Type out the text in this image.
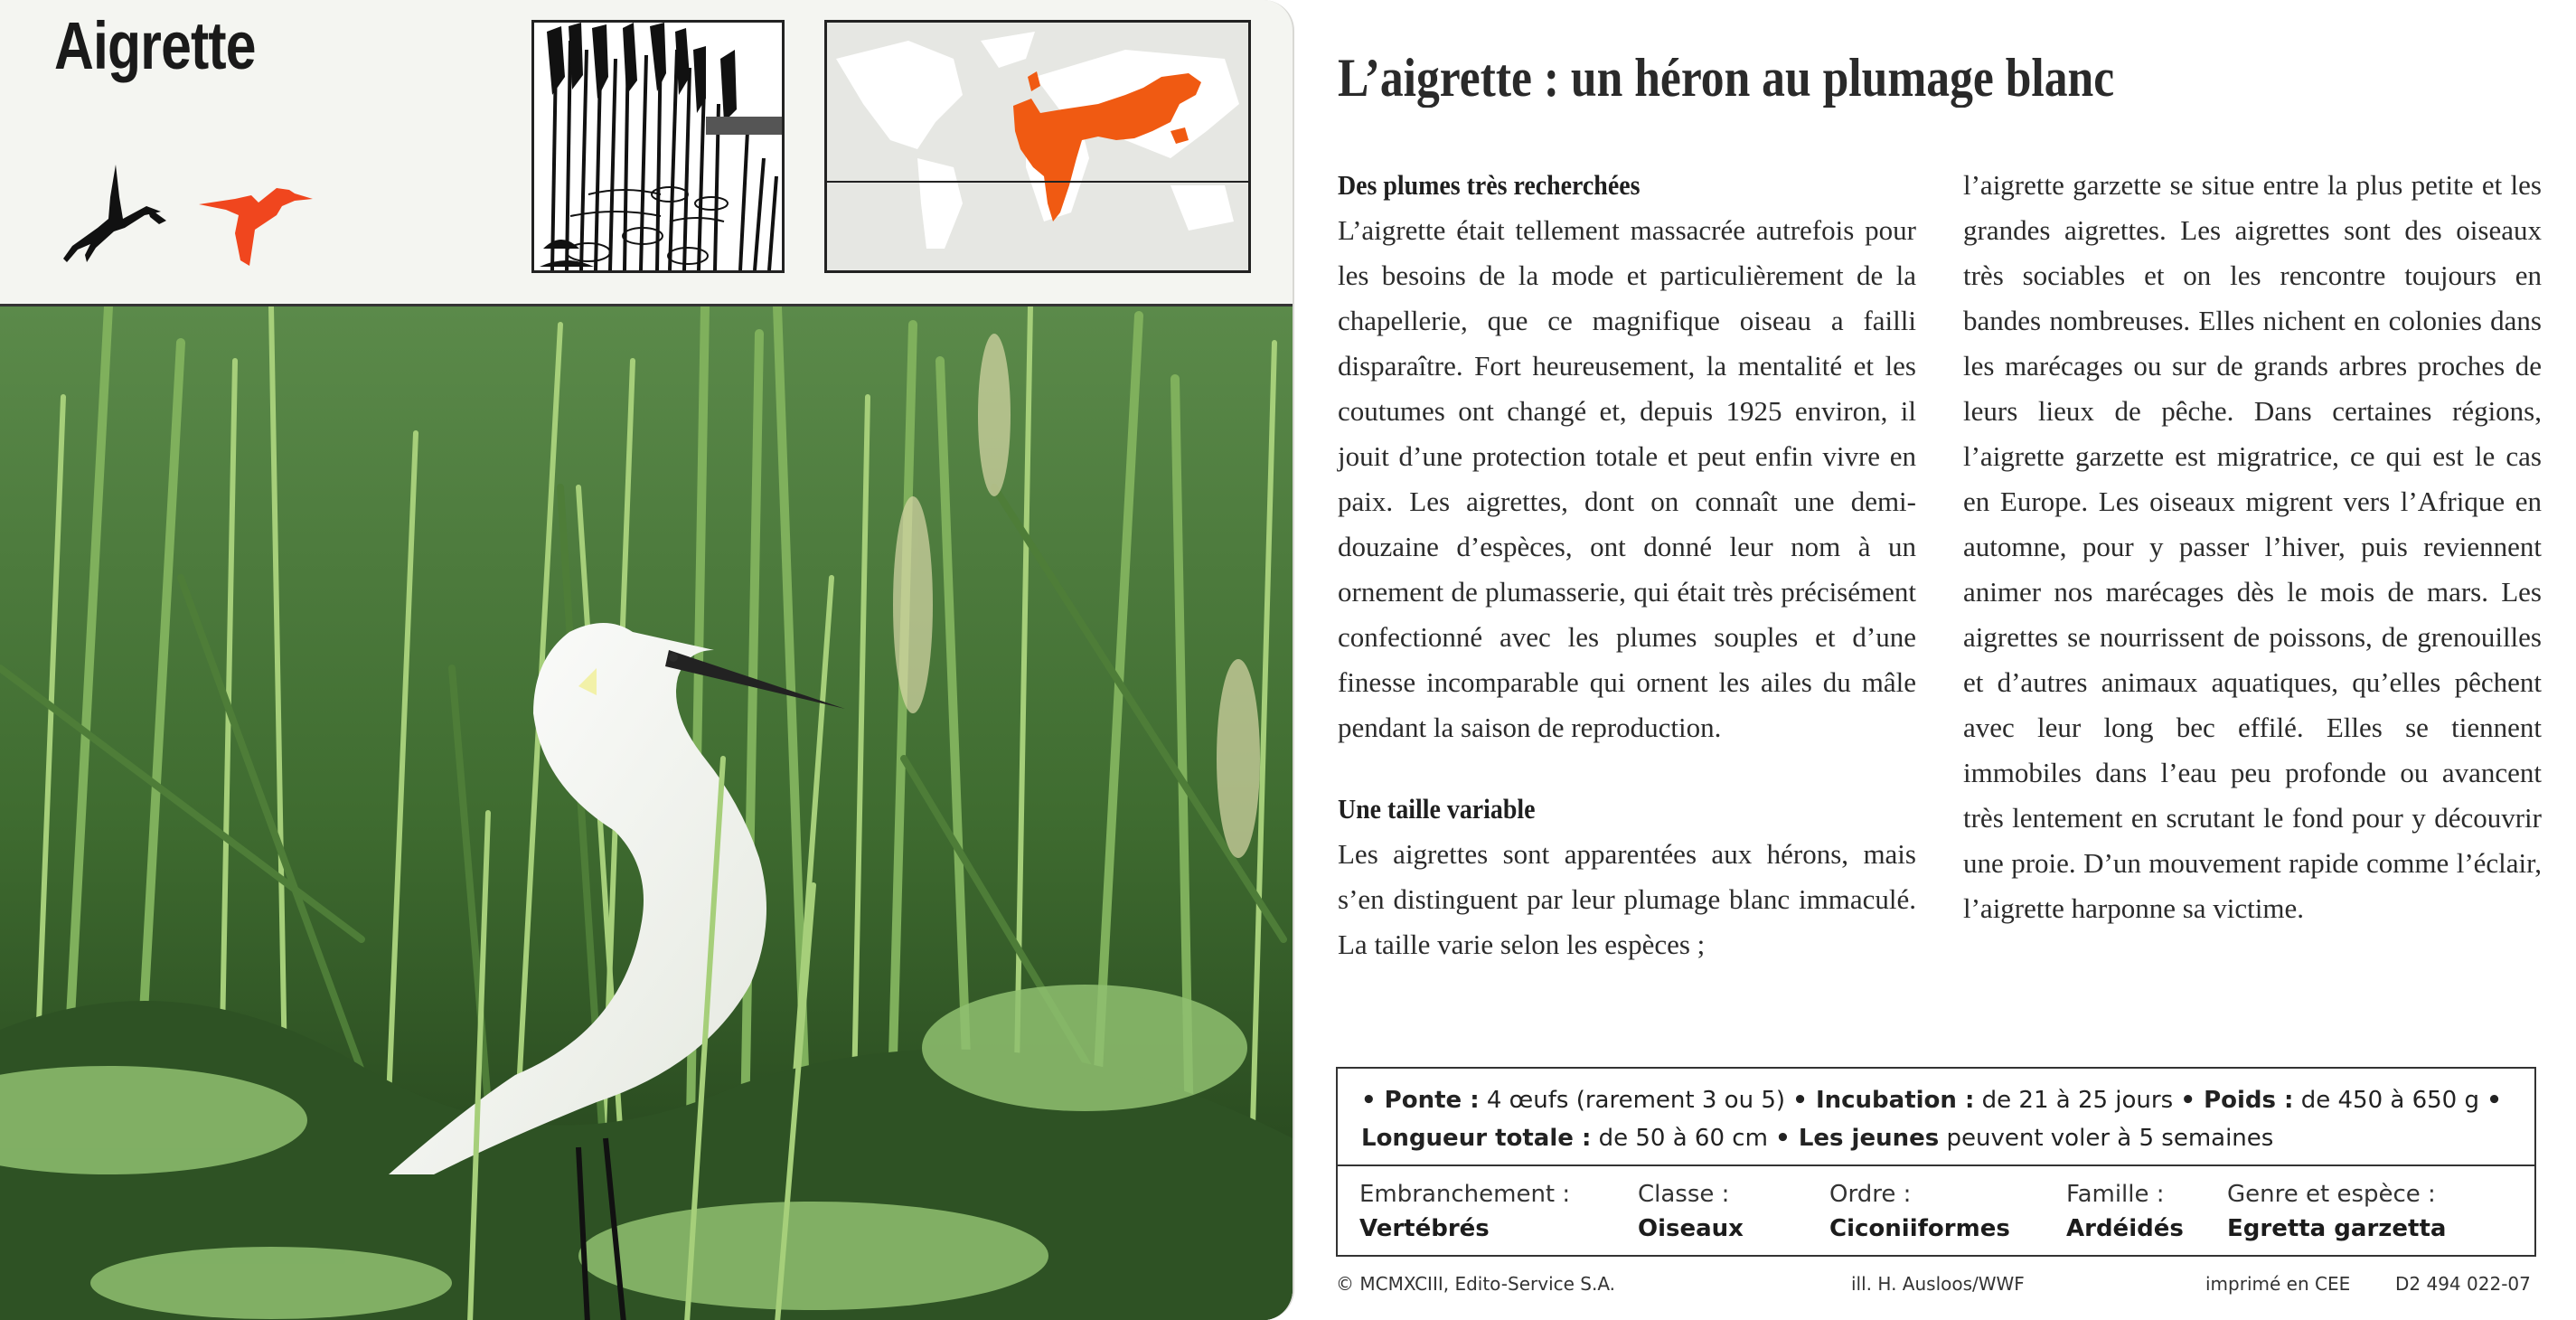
Aigrette	L’aigrette : un héron au plumage blanc
Des plumes très recherchées
L’aigrette était tellement massacrée autrefois pour les besoins de la mode et particulièrement de la chapellerie, que ce magnifique oiseau a failli disparaître. Fort heureusement, la mentalité et les coutumes ont changé et, depuis 1925 environ, il jouit d’une protection totale et peut enfin vivre en paix. Les aigrettes, dont on connaît une demi-douzaine d’espèces, ont donné leur nom à un ornement de plumasserie, qui était très précisément confectionné avec les plumes souples et d’une finesse incomparable qui ornent les ailes du mâle pendant la saison de reproduction.
Une taille variable
Les aigrettes sont apparentées aux hérons, mais s’en distinguent par leur plumage blanc immaculé. La taille varie selon les espèces ;
l’aigrette garzette se situe entre la plus petite et les grandes aigrettes. Les aigrettes sont des oiseaux très sociables et on les rencontre toujours en bandes nombreuses. Elles nichent en colonies dans les marécages ou sur de grands arbres proches de leurs lieux de pêche. Dans certaines régions, l’aigrette garzette est migratrice, ce qui est le cas en Europe. Les oiseaux migrent vers l’Afrique en automne, pour y passer l’hiver, puis reviennent animer nos marécages dès le mois de mars. Les aigrettes se nourrissent de poissons, de grenouilles et d’autres animaux aquatiques, qu’elles pêchent avec leur long bec effilé. Elles se tiennent immobiles dans l’eau peu profonde ou avancent très lentement en scrutant le fond pour y découvrir une proie. D’un mouvement rapide comme l’éclair, l’aigrette harponne sa victime.
• Ponte : 4 œufs (rarement 3 ou 5) • Incubation : de 21 à 25 jours • Poids : de 450 à 650 g • Longueur totale : de 50 à 60 cm • Les jeunes peuvent voler à 5 semaines
Embranchement :
Vertébrés
Classe :
Oiseaux
Ordre :
Ciconiiformes
Famille :
Ardéidés
Genre et espèce :
Egretta garzetta
© MCMXCIII, Edito-Service S.A.	ill. H. Ausloos/WWF	imprimé en CEE D2 494 022-07
